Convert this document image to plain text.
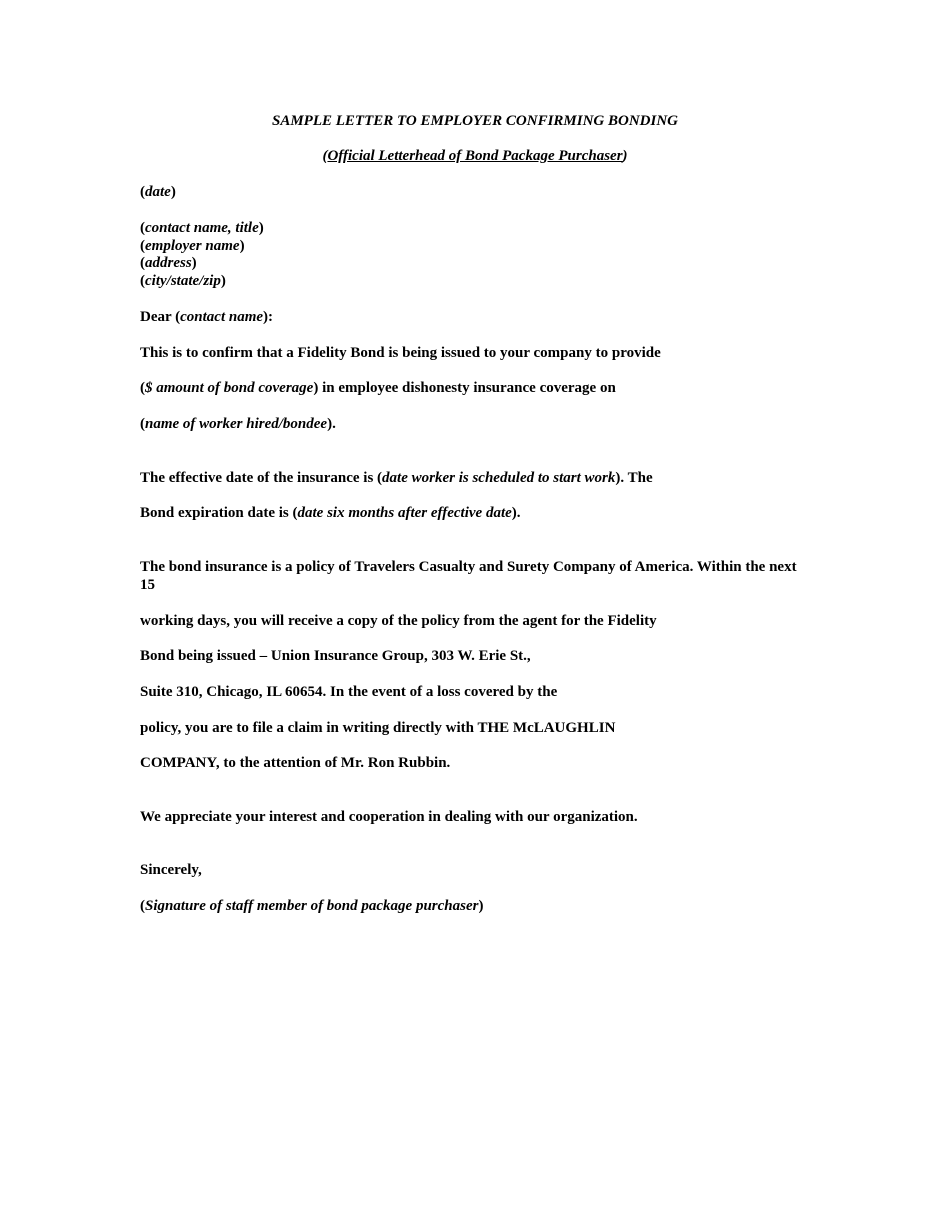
SAMPLE LETTER TO EMPLOYER CONFIRMING BONDING
(Official Letterhead of Bond Package Purchaser)
(date)
(contact name, title)
(employer name)
(address)
(city/state/zip)
Dear (contact name):
This is to confirm that a Fidelity Bond is being issued to your company to provide
($ amount of bond coverage) in employee dishonesty insurance coverage on
(name of worker hired/bondee).
The effective date of the insurance is (date worker is scheduled to start work). The
Bond expiration date is (date six months after effective date).
The bond insurance is a policy of Travelers Casualty and Surety Company of America. Within the next 15
working days, you will receive a copy of the policy from the agent for the Fidelity
Bond being issued – Union Insurance Group, 303 W. Erie St.,
Suite 310, Chicago, IL 60654. In the event of a loss covered by the
policy, you are to file a claim in writing directly with THE McLAUGHLIN
COMPANY, to the attention of Mr. Ron Rubbin.
We appreciate your interest and cooperation in dealing with our organization.
Sincerely,
(Signature of staff member of bond package purchaser)
